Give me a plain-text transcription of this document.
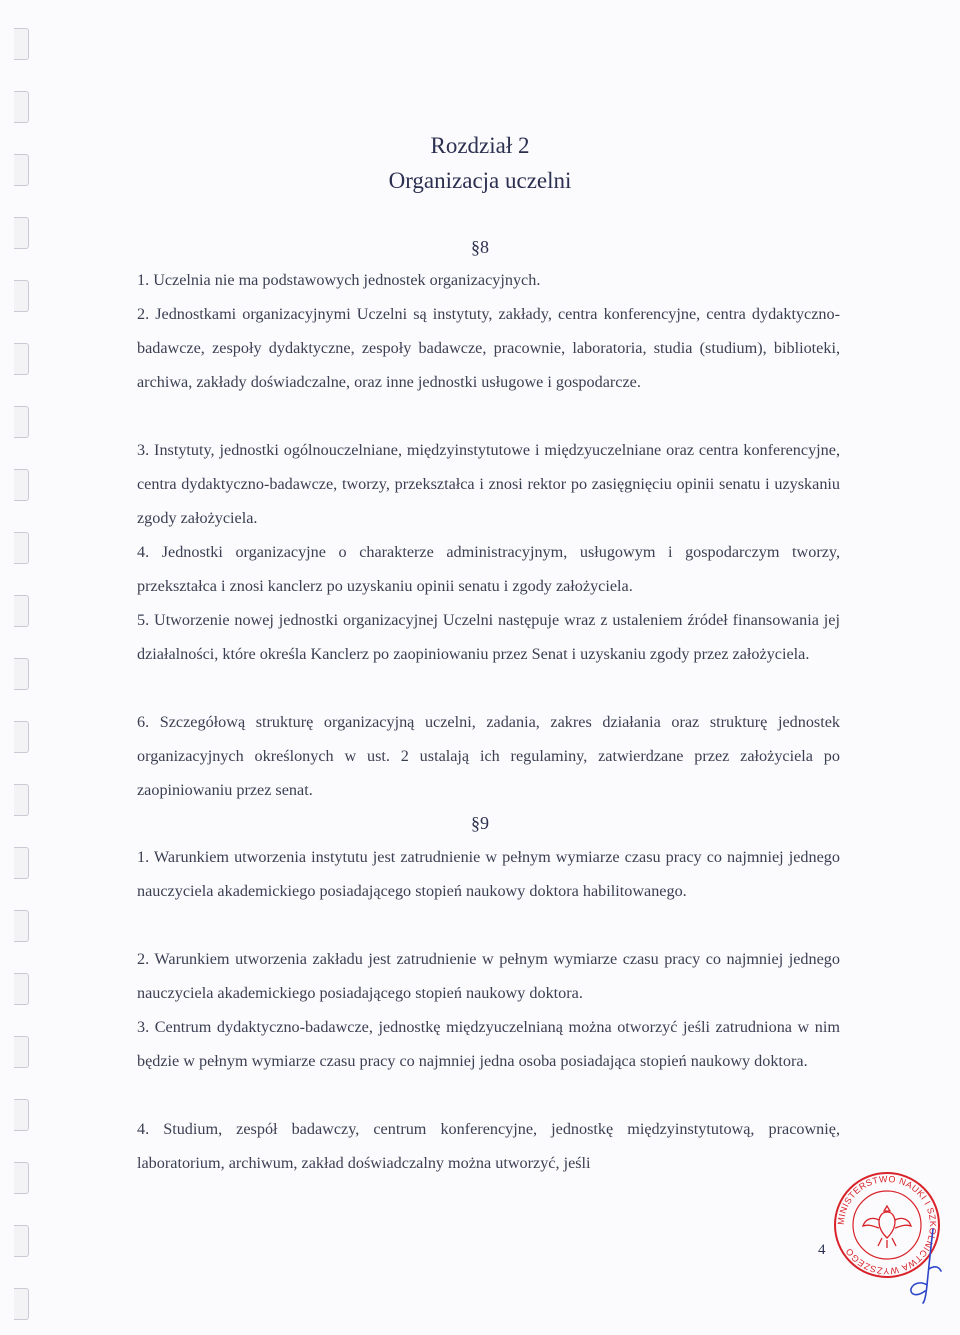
Rozdział 2
Organizacja uczelni
§8
1. Uczelnia nie ma podstawowych jednostek organizacyjnych.
2. Jednostkami organizacyjnymi Uczelni są instytuty, zakłady, centra konferencyjne, centra dydaktyczno-badawcze, zespoły dydaktyczne, zespoły badawcze, pracownie, laboratoria, studia (studium), biblioteki, archiwa, zakłady doświadczalne, oraz inne jednostki usługowe i gospodarcze.
3. Instytuty, jednostki ogólnouczelniane, międzyinstytutowe i międzyuczelniane oraz centra konferencyjne, centra dydaktyczno-badawcze, tworzy, przekształca i znosi rektor po zasięgnięciu opinii senatu i uzyskaniu zgody założyciela.
4. Jednostki organizacyjne o charakterze administracyjnym, usługowym i gospodarczym tworzy, przekształca i znosi kanclerz po uzyskaniu opinii senatu i zgody założyciela.
5. Utworzenie nowej jednostki organizacyjnej Uczelni następuje wraz z ustaleniem źródeł finansowania jej działalności, które określa Kanclerz po zaopiniowaniu przez Senat i uzyskaniu zgody przez założyciela.
6. Szczegółową strukturę organizacyjną uczelni, zadania, zakres działania oraz strukturę jednostek organizacyjnych określonych w ust. 2 ustalają ich regulaminy, zatwierdzane przez założyciela po zaopiniowaniu przez senat.
§9
1. Warunkiem utworzenia instytutu jest zatrudnienie w pełnym wymiarze czasu pracy co najmniej jednego nauczyciela akademickiego posiadającego stopień naukowy doktora habilitowanego.
2. Warunkiem utworzenia zakładu jest zatrudnienie w pełnym wymiarze czasu pracy co najmniej jednego nauczyciela akademickiego posiadającego stopień naukowy doktora.
3. Centrum dydaktyczno-badawcze, jednostkę międzyuczelnianą można otworzyć jeśli zatrudniona w nim będzie w pełnym wymiarze czasu pracy co najmniej jedna osoba posiadająca stopień naukowy doktora.
4. Studium, zespół badawczy, centrum konferencyjne, jednostkę międzyinstytutową, pracownię, laboratorium, archiwum, zakład doświadczalny można utworzyć, jeśli
MINISTERSTWO NAUKI I SZKOLNICTWA WYŻSZEGO
4
